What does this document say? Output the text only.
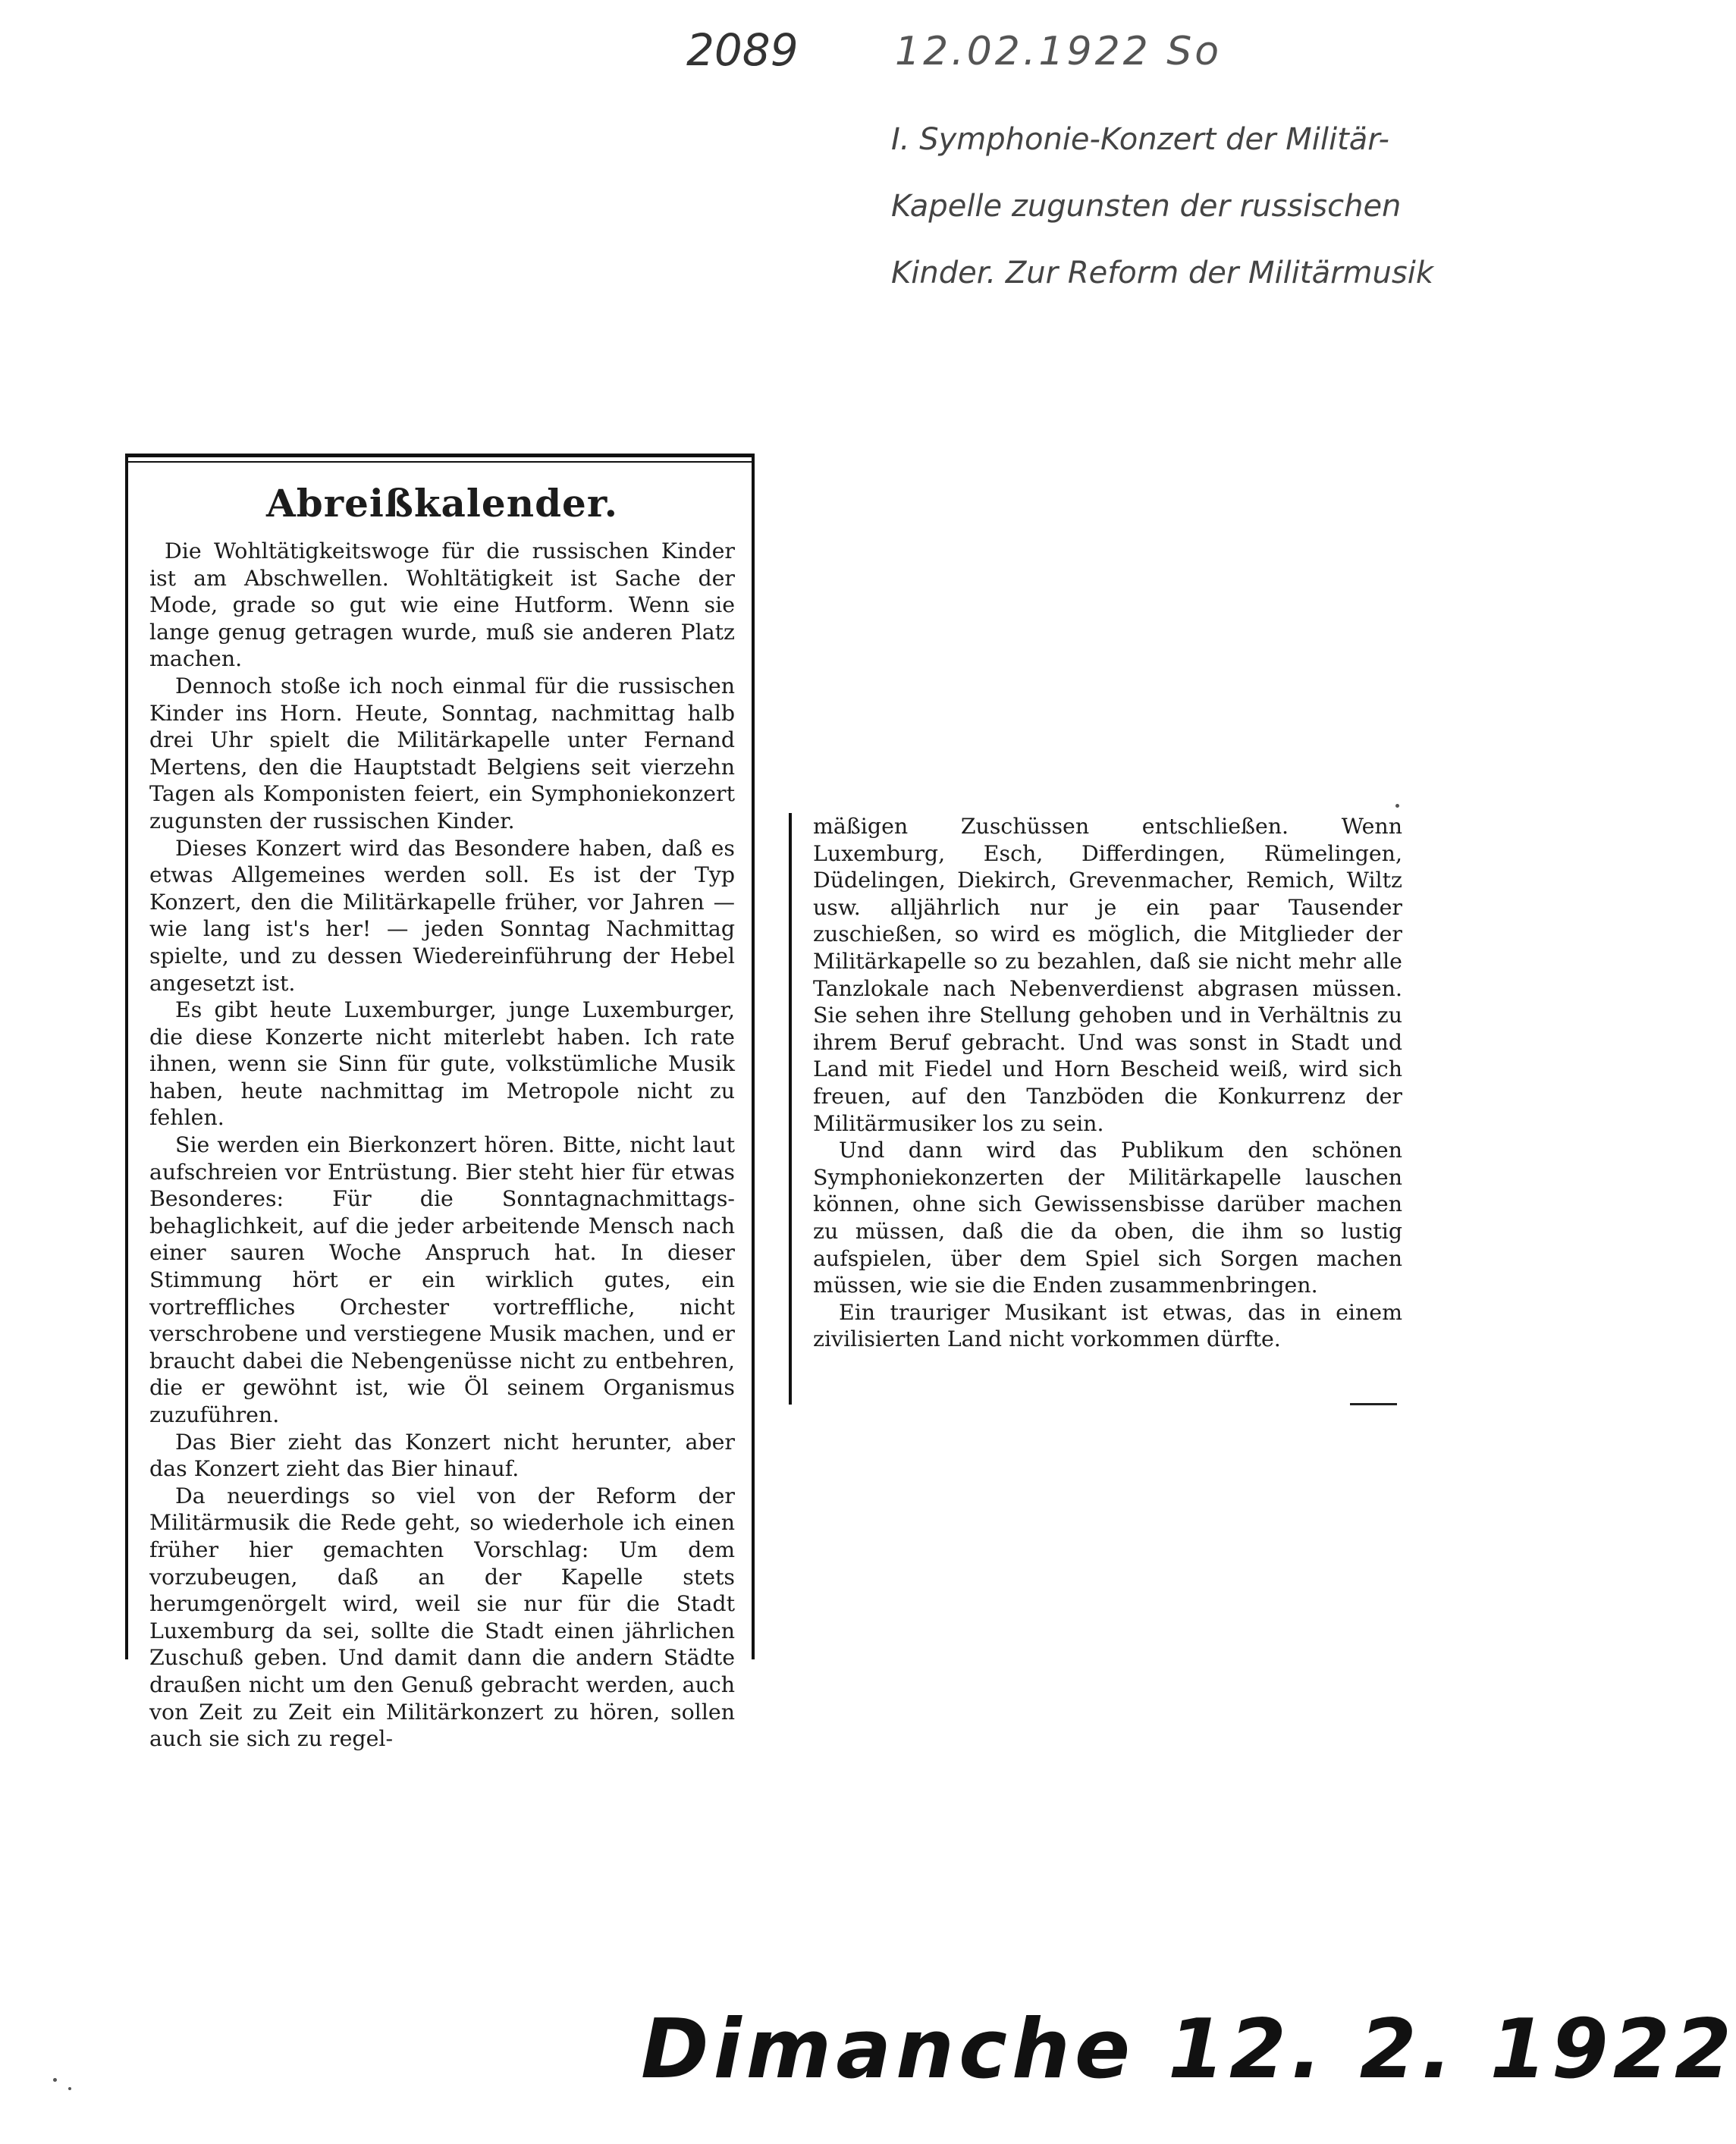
2089 12.02.1922 So
I. Symphonie-Konzert der Militär-Kapelle zugunsten der russischen Kinder. Zur Reform der Militärmusik
Abreißkalender.

Die Wohltätigkeitswoge für die russischen Kinder ist am Abschwellen. Wohltätigkeit ist Sache der Mode, grade so gut wie eine Hutform. Wenn sie lange genug getragen wurde, muß sie anderen Platz machen.

Dennoch stoße ich noch einmal für die russischen Kinder ins Horn. Heute, Sonntag, nachmittag halb drei Uhr spielt die Militärkapelle unter Fernand Mertens, den die Hauptstadt Belgiens seit vierzehn Tagen als Komponisten feiert, ein Symphoniekonzert zugunsten der russischen Kinder.

Dieses Konzert wird das Besondere haben, daß es etwas Allgemeines werden soll. Es ist der Typ Konzert, den die Militärkapelle früher, vor Jahren — wie lang ist's her! — jeden Sonntag Nachmittag spielte, und zu dessen Wiedereinführung der Hebel angesetzt ist.

Es gibt heute Luxemburger, junge Luxemburger, die diese Konzerte nicht miterlebt haben. Ich rate ihnen, wenn sie Sinn für gute, volkstümliche Musik haben, heute nachmittag im Metropole nicht zu fehlen.

Sie werden ein Bierkonzert hören. Bitte, nicht laut aufschreien vor Entrüstung. Bier steht hier für etwas Besonderes: Für die Sonntagnachmittags-behaglichkeit, auf die jeder arbeitende Mensch nach einer sauren Woche Anspruch hat. In dieser Stimmung hört er ein wirklich gutes, ein vortreffliches Orchester vortreffliche, nicht verschrobene und verstiegene Musik machen, und er braucht dabei die Nebengenüsse nicht zu entbehren, die er gewöhnt ist, wie Öl seinem Organismus zuzuführen.

Das Bier zieht das Konzert nicht herunter, aber das Konzert zieht das Bier hinauf.

Da neuerdings so viel von der Reform der Militärmusik die Rede geht, so wiederhole ich einen früher hier gemachten Vorschlag: Um dem vorzubeugen, daß an der Kapelle stets herumgenörgelt wird, weil sie nur für die Stadt Luxemburg da sei, sollte die Stadt einen jährlichen Zuschuß geben. Und damit dann die andern Städte draußen nicht um den Genuß gebracht werden, auch von Zeit zu Zeit ein Militärkonzert zu hören, sollen auch sie sich zu regel-

mäßigen Zuschüssen entschließen. Wenn Luxemburg, Esch, Differdingen, Rümelingen, Düdelingen, Diekirch, Grevenmacher, Remich, Wiltz usw. alljährlich nur je ein paar Tausender zuschießen, so wird es möglich, die Mitglieder der Militärkapelle so zu bezahlen, daß sie nicht mehr alle Tanzlokale nach Nebenverdienst abgrasen müssen. Sie sehen ihre Stellung gehoben und in Verhältnis zu ihrem Beruf gebracht. Und was sonst in Stadt und Land mit Fiedel und Horn Bescheid weiß, wird sich freuen, auf den Tanzböden die Konkurrenz der Militärmusiker los zu sein.

Und dann wird das Publikum den schönen Symphoniekonzerten der Militärkapelle lauschen können, ohne sich Gewissensbisse darüber machen zu müssen, daß die da oben, die ihm so lustig aufspielen, über dem Spiel sich Sorgen machen müssen, wie sie die Enden zusammenbringen.

Ein trauriger Musikant ist etwas, das in einem zivilisierten Land nicht vorkommen dürfte.

Dimanche 12. 2. 1922
